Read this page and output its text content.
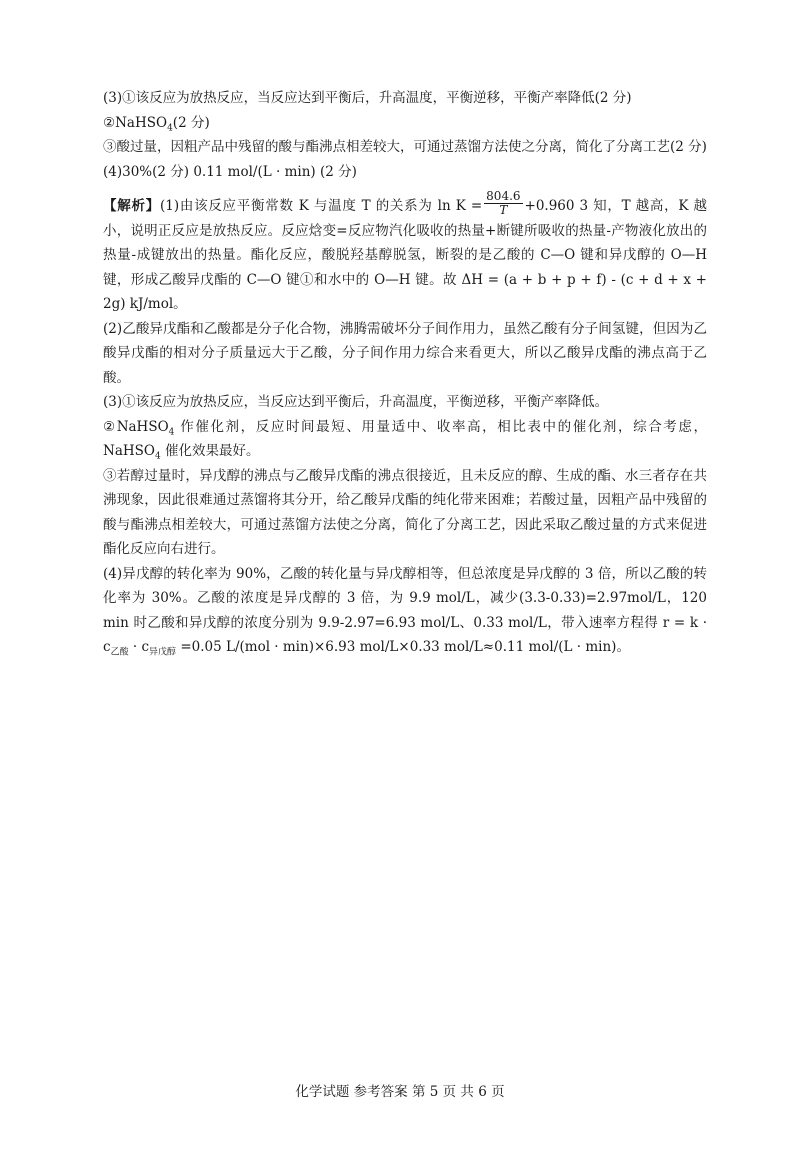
(3)①该反应为放热反应，当反应达到平衡后，升高温度，平衡逆移，平衡产率降低(2 分)

②NaHSO$_4$(2 分)

③酸过量，因粗产品中残留的酸与酯沸点相差较大，可通过蒸馏方法使之分离，简化了分离工艺(2 分)

(4)30%(2 分) 0.11 mol/(L · min) (2 分)

【解析】(1)由该反应平衡常数 K 与温度 T 的关系为 $\ln K = \frac{804.6}{T} +0.960$ 3 知，T 越高，K 越小，说明正反应是放热反应。反应焓变=反应物汽化吸收的热量+断键所吸收的热量-产物液化放出的热量-成键放出的热量。酯化反应，酸脱羟基醇脱氢，断裂的是乙酸的 C—O 键和异戊醇的 O—H 键，形成乙酸异戊酯的 C—O 键①和水中的 O—H 键。故 ΔH = (a + b + p + f) - (c + d + x + 2g) kJ/mol。

(2)乙酸异戊酯和乙酸都是分子化合物，沸腾需破坏分子间作用力，虽然乙酸有分子间氢键，但因为乙酸异戊酯的相对分子质量远大于乙酸，分子间作用力综合来看更大，所以乙酸异戊酯的沸点高于乙酸。

(3)①该反应为放热反应，当反应达到平衡后，升高温度，平衡逆移，平衡产率降低。

②NaHSO$_4$ 作催化剂，反应时间最短、用量适中、收率高，相比表中的催化剂，综合考虑，NaHSO$_4$ 催化效果最好。

③若醇过量时，异戊醇的沸点与乙酸异戊酯的沸点很接近，且未反应的醇、生成的酯、水三者存在共沸现象，因此很难通过蒸馏将其分开，给乙酸异戊酯的纯化带来困难；若酸过量，因粗产品中残留的酸与酯沸点相差较大，可通过蒸馏方法使之分离，简化了分离工艺，因此采取乙酸过量的方式来促进酯化反应向右进行。

(4)异戊醇的转化率为 90%，乙酸的转化量与异戊醇相等，但总浓度是异戊醇的 3 倍，所以乙酸的转化率为 30%。乙酸的浓度是异戊醇的 3 倍，为 9.9 mol/L，减少(3.3-0.33)=2.97mol/L，120 min 时乙酸和异戊醇的浓度分别为 9.9-2.97=6.93 mol/L、0.33 mol/L，带入速率方程得 $r = k \cdot c_{乙酸} \cdot c_{异戊醇} =0.05$ L/(mol · min)×6.93 mol/L×0.33 mol/L≈0.11 mol/(L · min)。

化学试题 参考答案 第 5 页 共 6 页
